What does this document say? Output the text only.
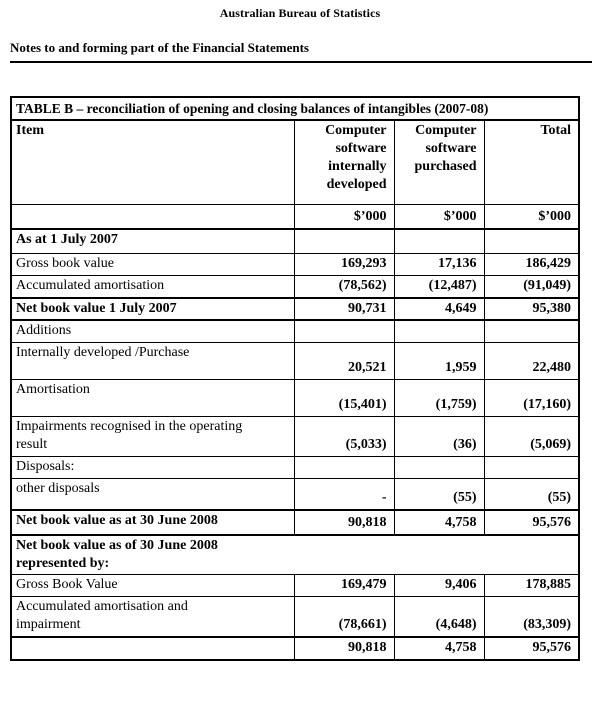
Australian Bureau of Statistics
Notes to and forming part of the Financial Statements
TABLE B – reconciliation of opening and closing balances of intangibles (2007-08)			
Item	Computer software internally developed	Computer software purchased	Total
	$’000	$’000	$’000
As at 1 July 2007			
Gross book value	169,293	17,136	186,429
Accumulated amortisation	(78,562)	(12,487)	(91,049)
Net book value 1 July 2007	90,731	4,649	95,380
Additions			
Internally developed /Purchase	20,521	1,959	22,480
Amortisation	(15,401)	(1,759)	(17,160)
Impairments recognised in the operating
result	(5,033)	(36)	(5,069)
Disposals:			
other disposals	-	(55)	(55)
Net book value as at 30 June 2008	90,818	4,758	95,576
Net book value as of 30 June 2008
represented by:			
Gross Book Value	169,479	9,406	178,885
Accumulated amortisation and
impairment	(78,661)	(4,648)	(83,309)
	90,818	4,758	95,576
